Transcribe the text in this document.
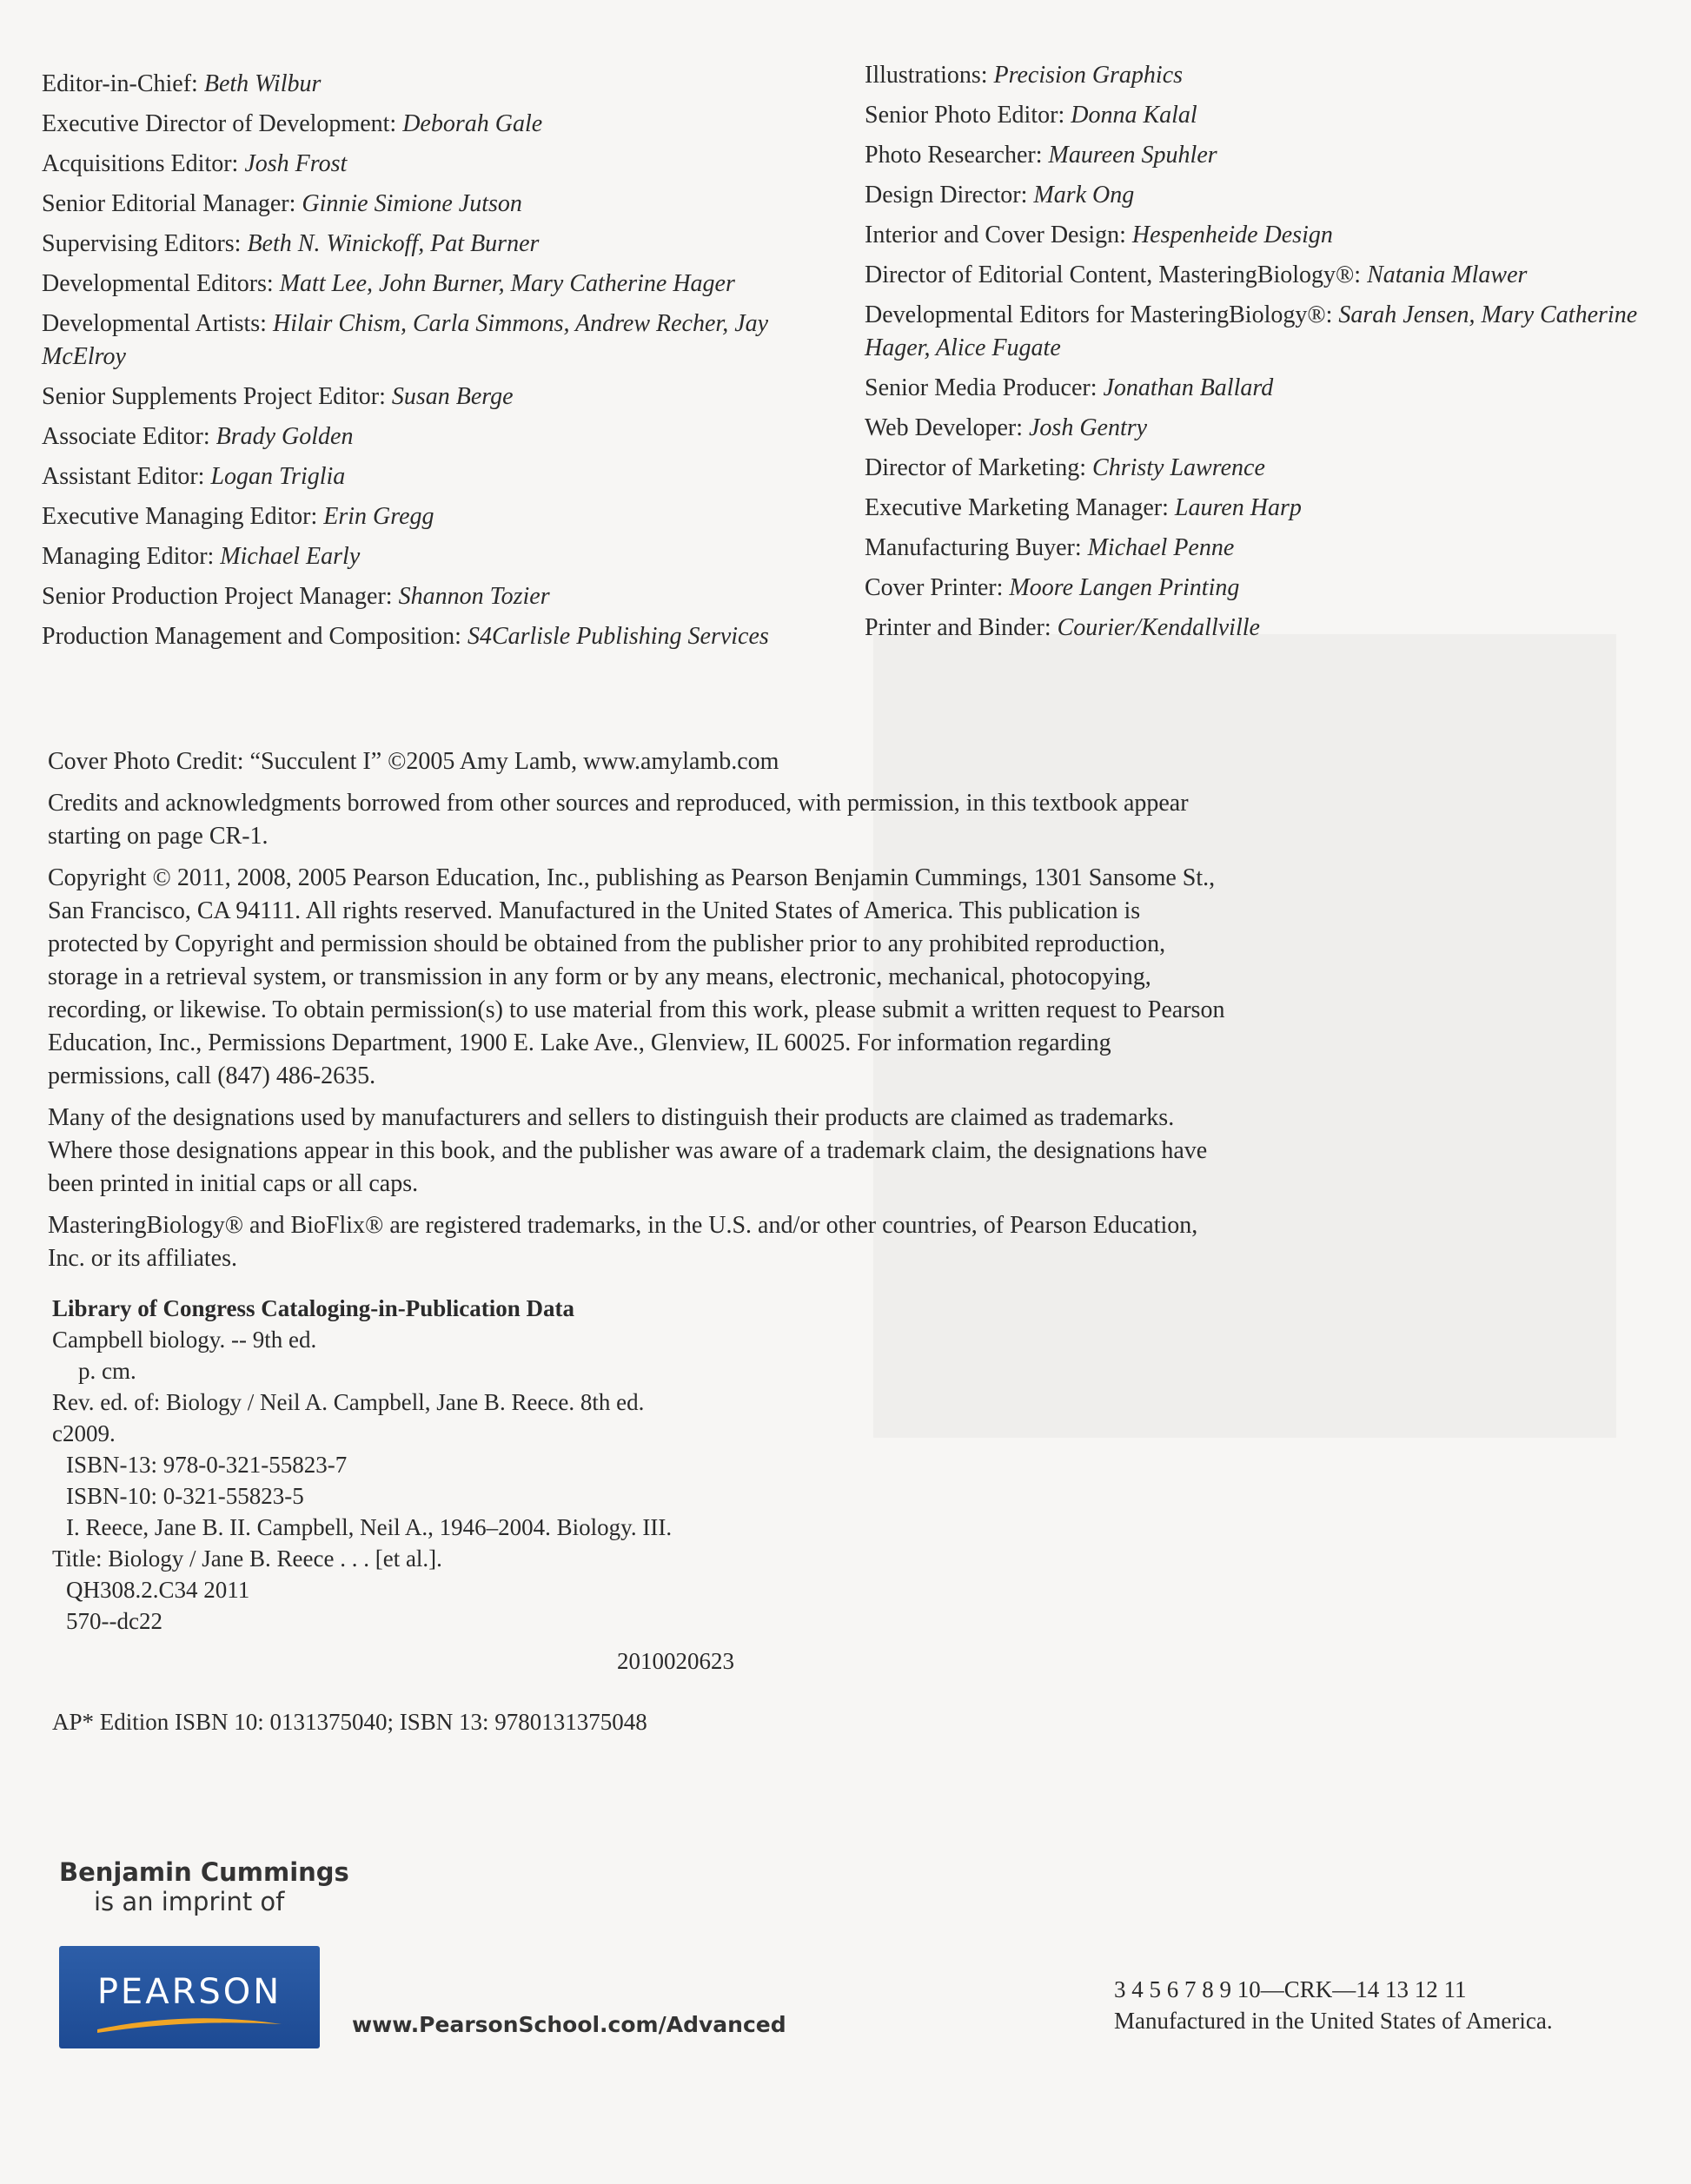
Editor-in-Chief: Beth Wilbur

Executive Director of Development: Deborah Gale

Acquisitions Editor: Josh Frost

Senior Editorial Manager: Ginnie Simione Jutson

Supervising Editors: Beth N. Winickoff, Pat Burner

Developmental Editors: Matt Lee, John Burner, Mary Catherine Hager

Developmental Artists: Hilair Chism, Carla Simmons, Andrew Recher, Jay McElroy

Senior Supplements Project Editor: Susan Berge

Associate Editor: Brady Golden

Assistant Editor: Logan Triglia

Executive Managing Editor: Erin Gregg

Managing Editor: Michael Early

Senior Production Project Manager: Shannon Tozier

Production Management and Composition: S4Carlisle Publishing Services

Illustrations: Precision Graphics

Senior Photo Editor: Donna Kalal

Photo Researcher: Maureen Spuhler

Design Director: Mark Ong

Interior and Cover Design: Hespenheide Design

Director of Editorial Content, MasteringBiology®: Natania Mlawer

Developmental Editors for MasteringBiology®: Sarah Jensen, Mary Catherine Hager, Alice Fugate

Senior Media Producer: Jonathan Ballard

Web Developer: Josh Gentry

Director of Marketing: Christy Lawrence

Executive Marketing Manager: Lauren Harp

Manufacturing Buyer: Michael Penne

Cover Printer: Moore Langen Printing

Printer and Binder: Courier/Kendallville

Cover Photo Credit: “Succulent I” ©2005 Amy Lamb, www.amylamb.com

Credits and acknowledgments borrowed from other sources and reproduced, with permission, in this textbook appear starting on page CR-1.

Copyright © 2011, 2008, 2005 Pearson Education, Inc., publishing as Pearson Benjamin Cummings, 1301 Sansome St., San Francisco, CA 94111. All rights reserved. Manufactured in the United States of America. This publication is protected by Copyright and permission should be obtained from the publisher prior to any prohibited reproduction, storage in a retrieval system, or transmission in any form or by any means, electronic, mechanical, photocopying, recording, or likewise. To obtain permission(s) to use material from this work, please submit a written request to Pearson Education, Inc., Permissions Department, 1900 E. Lake Ave., Glenview, IL 60025. For information regarding permissions, call (847) 486-2635.

Many of the designations used by manufacturers and sellers to distinguish their products are claimed as trademarks. Where those designations appear in this book, and the publisher was aware of a trademark claim, the designations have been printed in initial caps or all caps.

MasteringBiology® and BioFlix® are registered trademarks, in the U.S. and/or other countries, of Pearson Education, Inc. or its affiliates.

Library of Congress Cataloging-in-Publication Data
Campbell biology. -- 9th ed.
p. cm.
Rev. ed. of: Biology / Neil A. Campbell, Jane B. Reece. 8th ed.
c2009.
ISBN-13: 978-0-321-55823-7
ISBN-10: 0-321-55823-5
I. Reece, Jane B. II. Campbell, Neil A., 1946–2004. Biology. III.
Title: Biology / Jane B. Reece . . . [et al.].
QH308.2.C34 2011
570--dc22
2010020623
AP* Edition ISBN 10: 0131375040; ISBN 13: 9780131375048
Benjamin Cummings
is an imprint of
PEARSON
www.PearsonSchool.com/Advanced
3 4 5 6 7 8 9 10—CRK—14 13 12 11
Manufactured in the United States of America.
